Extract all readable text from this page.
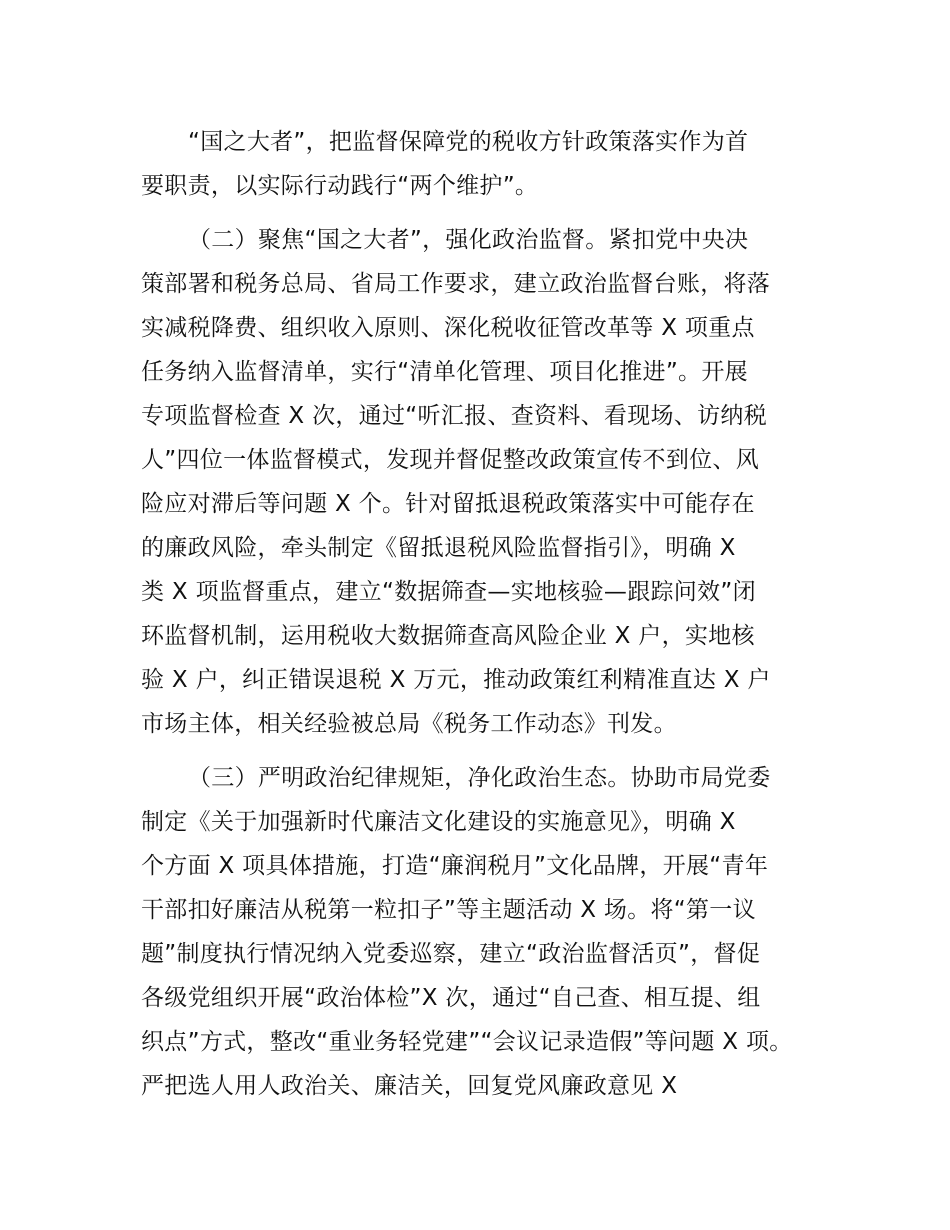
“国之大者”，把监督保障党的税收方针政策落实作为首
要职责，以实际行动践行“两个维护”。

（二）聚焦“国之大者”，强化政治监督。紧扣党中央决
策部署和税务总局、省局工作要求，建立政治监督台账，将落
实减税降费、组织收入原则、深化税收征管改革等 X 项重点
任务纳入监督清单，实行“清单化管理、项目化推进”。开展
专项监督检查 X 次，通过“听汇报、查资料、看现场、访纳税
人”四位一体监督模式，发现并督促整改政策宣传不到位、风
险应对滞后等问题 X 个。针对留抵退税政策落实中可能存在
的廉政风险，牵头制定《留抵退税风险监督指引》，明确 X
类 X 项监督重点，建立“数据筛查—实地核验—跟踪问效”闭
环监督机制，运用税收大数据筛查高风险企业 X 户，实地核
验 X 户，纠正错误退税 X 万元，推动政策红利精准直达 X 户
市场主体，相关经验被总局《税务工作动态》刊发。

（三）严明政治纪律规矩，净化政治生态。协助市局党委
制定《关于加强新时代廉洁文化建设的实施意见》，明确 X
个方面 X 项具体措施，打造“廉润税月”文化品牌，开展“青年
干部扣好廉洁从税第一粒扣子”等主题活动 X 场。将“第一议
题”制度执行情况纳入党委巡察，建立“政治监督活页”，督促
各级党组织开展“政治体检”X 次，通过“自己查、相互提、组
织点”方式，整改“重业务轻党建”“会议记录造假”等问题 X 项。
严把选人用人政治关、廉洁关，回复党风廉政意见 X
